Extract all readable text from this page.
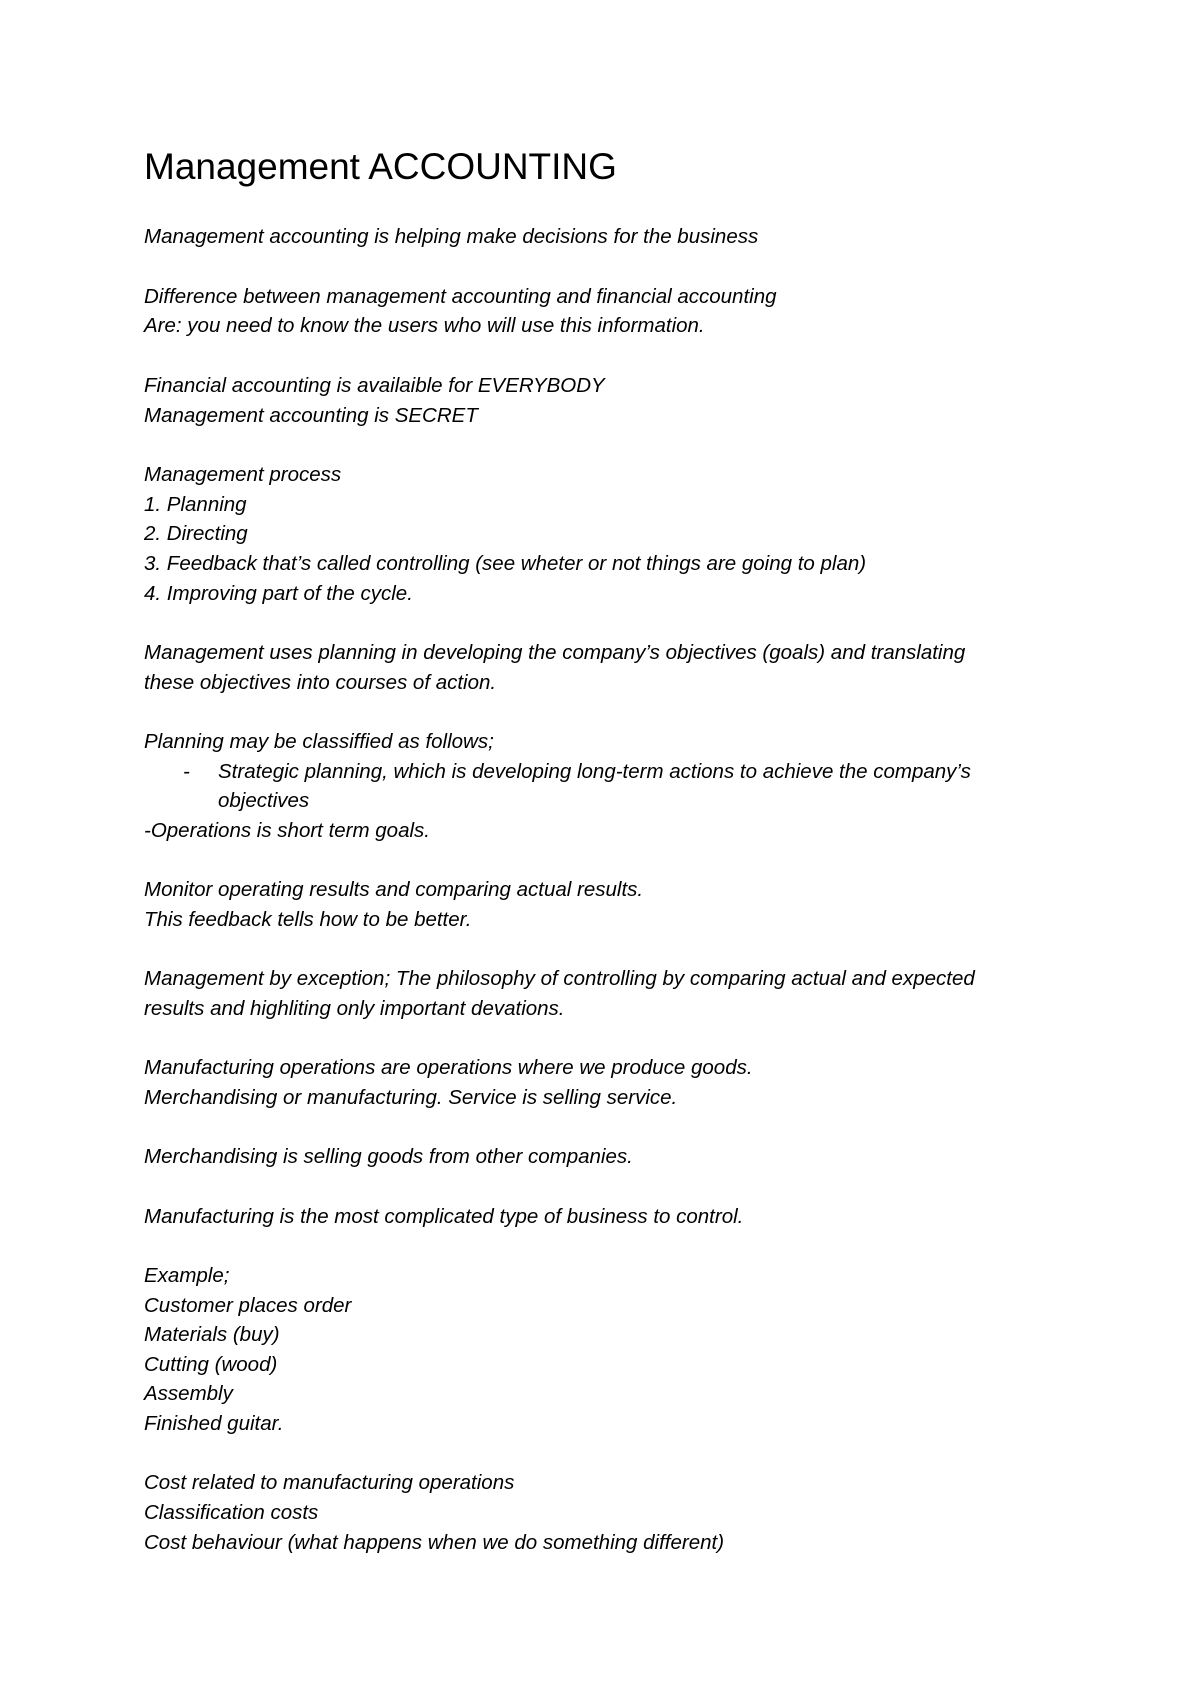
Management ACCOUNTING
Management accounting is helping make decisions for the business
Difference between management accounting and financial accounting
Are: you need to know the users who will use this information.
Financial accounting is availaible for EVERYBODY
Management accounting is SECRET
Management process
1. Planning
2. Directing
3. Feedback that’s called controlling (see wheter or not things are going to plan)
4. Improving part of the cycle.
Management uses planning in developing the company’s objectives (goals) and translating
these objectives into courses of action.
Planning may be classiffied as follows;
- Strategic planning, which is developing long-term actions to achieve the company’s
objectives
-Operations is short term goals.
Monitor operating results and comparing actual results.
This feedback tells how to be better.
Management by exception; The philosophy of controlling by comparing actual and expected
results and highliting only important devations.
Manufacturing operations are operations where we produce goods.
Merchandising or manufacturing. Service is selling service.
Merchandising is selling goods from other companies.
Manufacturing is the most complicated type of business to control.
Example;
Customer places order
Materials (buy)
Cutting (wood)
Assembly
Finished guitar.
Cost related to manufacturing operations
Classification costs
Cost behaviour (what happens when we do something different)
